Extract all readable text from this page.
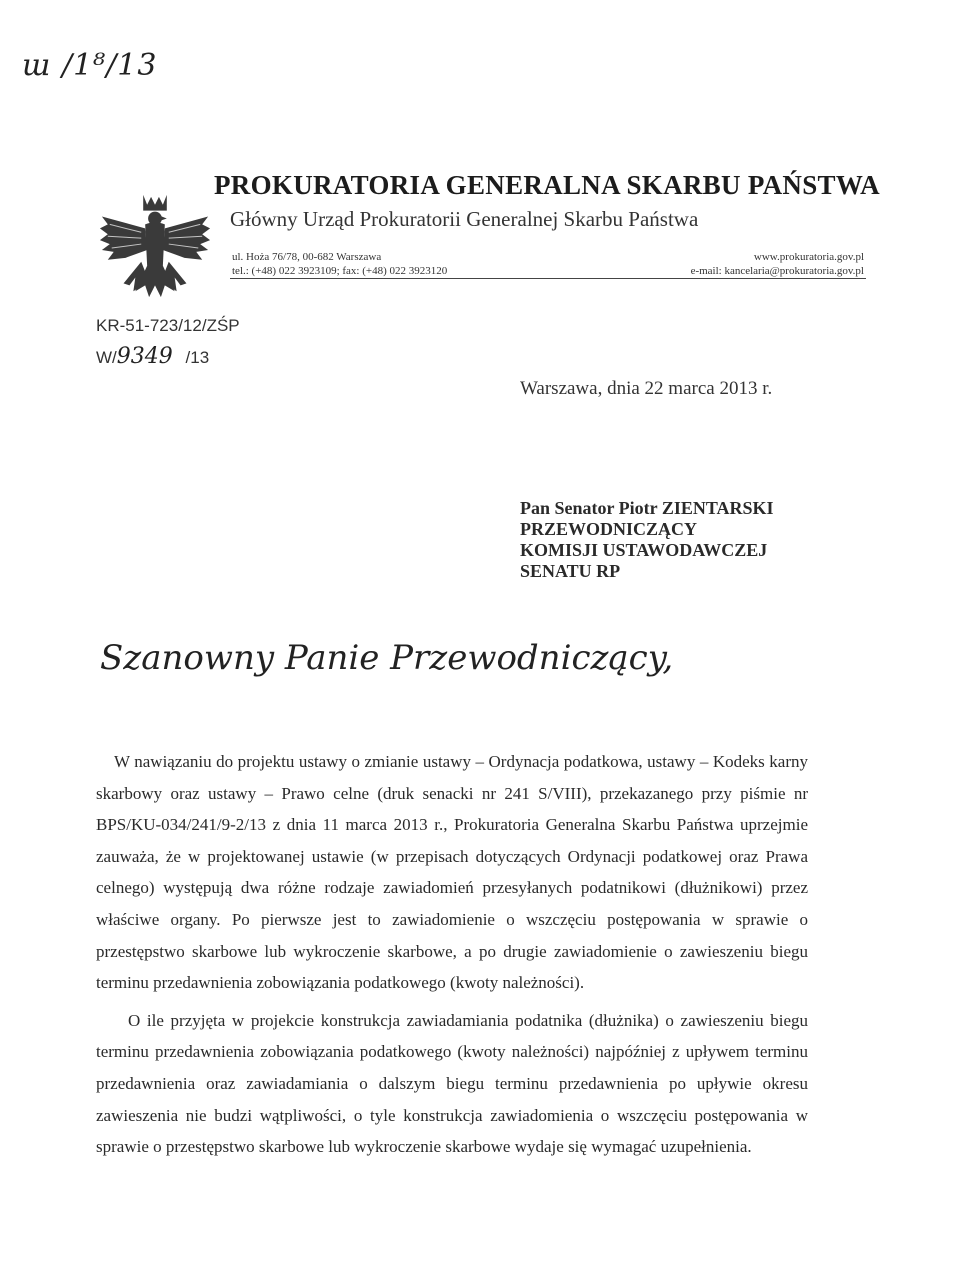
ɯ /1⁸/13
PROKURATORIA GENERALNA SKARBU PAŃSTWA
Główny Urząd Prokuratorii Generalnej Skarbu Państwa
ul. Hoża 76/78, 00-682 Warszawa
tel.: (+48) 022 3923109; fax: (+48) 022 3923120
www.prokuratoria.gov.pl
e-mail: kancelaria@prokuratoria.gov.pl
KR-51-723/12/ZŚP
W/9349 /13
Warszawa, dnia 22 marca 2013 r.
Pan Senator Piotr ZIENTARSKI
PRZEWODNICZĄCY
KOMISJI USTAWODAWCZEJ
SENATU RP
Szanowny Panie Przewodniczący,

W nawiązaniu do projektu ustawy o zmianie ustawy – Ordynacja podatkowa, ustawy – Kodeks karny skarbowy oraz ustawy – Prawo celne (druk senacki nr 241 S/VIII), przekazanego przy piśmie nr BPS/KU-034/241/9-2/13 z dnia 11 marca 2013 r., Prokuratoria Generalna Skarbu Państwa uprzejmie zauważa, że w projektowanej ustawie (w przepisach dotyczących Ordynacji podatkowej oraz Prawa celnego) występują dwa różne rodzaje zawiadomień przesyłanych podatnikowi (dłużnikowi) przez właściwe organy. Po pierwsze jest to zawiadomienie o wszczęciu postępowania w sprawie o przestępstwo skarbowe lub wykroczenie skarbowe, a po drugie zawiadomienie o zawieszeniu biegu terminu przedawnienia zobowiązania podatkowego (kwoty należności).

O ile przyjęta w projekcie konstrukcja zawiadamiania podatnika (dłużnika) o zawieszeniu biegu terminu przedawnienia zobowiązania podatkowego (kwoty należności) najpóźniej z upływem terminu przedawnienia oraz zawiadamiania o dalszym biegu terminu przedawnienia po upływie okresu zawieszenia nie budzi wątpliwości, o tyle konstrukcja zawiadomienia o wszczęciu postępowania w sprawie o przestępstwo skarbowe lub wykroczenie skarbowe wydaje się wymagać uzupełnienia.
